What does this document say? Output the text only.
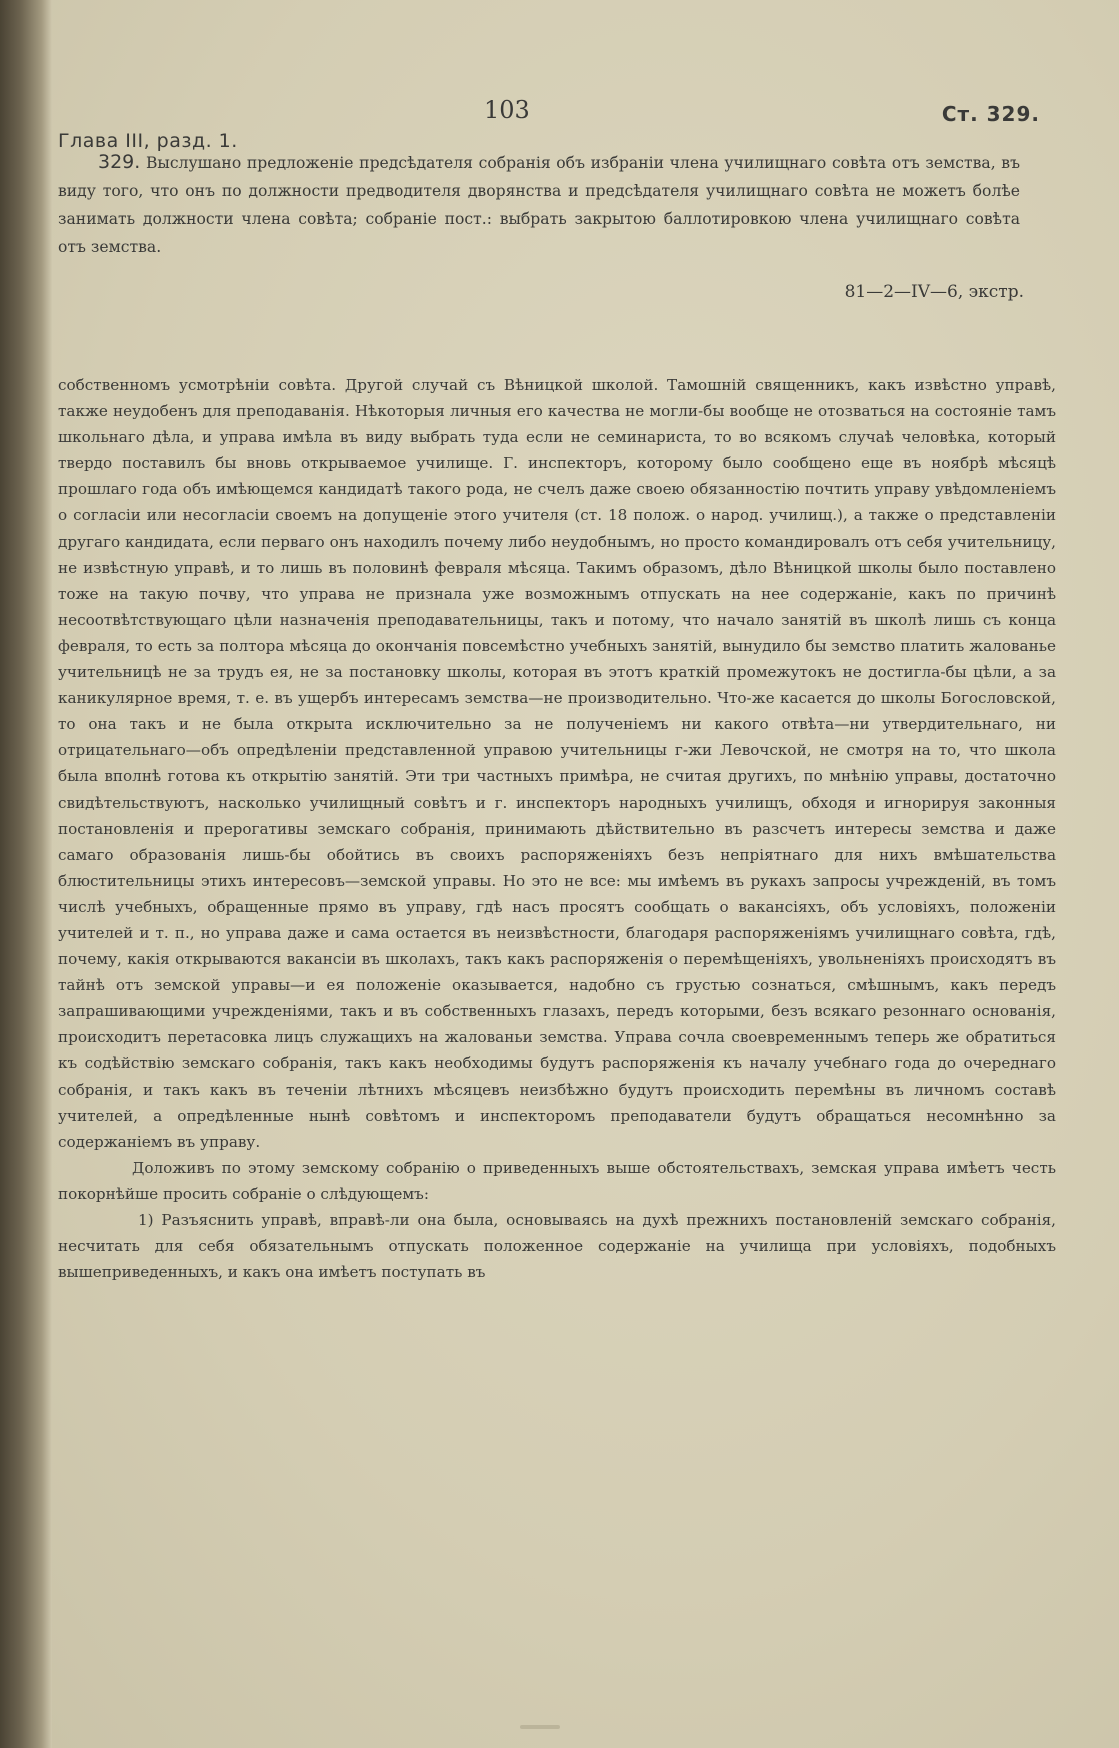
Глава III, разд. 1.
103	Ст. 329.
329. Выслушано предложеніе предсѣдателя собранія объ избраніи члена училищнаго совѣта отъ земства, въ виду того, что онъ по должности предводителя дворянства и предсѣдателя училищнаго совѣта не можетъ болѣе занимать должности члена совѣта; собраніе пост.: выбрать закрытою баллотировкою члена училищнаго совѣта отъ земства.
81—2—IV—6, экстр.

собственномъ усмотрѣніи совѣта. Другой случай съ Вѣницкой школой. Тамошній священникъ, какъ извѣстно управѣ, также неудобенъ для преподаванія. Нѣкоторыя личныя его качества не могли-бы вообще не отозваться на состояніе тамъ школьнаго дѣла, и управа имѣла въ виду выбрать туда если не семинариста, то во всякомъ случаѣ человѣка, который твердо поставилъ бы вновь открываемое училище. Г. инспекторъ, которому было сообщено еще въ ноябрѣ мѣсяцѣ прошлаго года объ имѣющемся кандидатѣ такого рода, не счелъ даже своею обязанностію почтить управу увѣдомленіемъ о согласіи или несогласіи своемъ на допущеніе этого учителя (ст. 18 полож. о народ. училищ.), а также о представленіи другаго кандидата, если перваго онъ находилъ почему либо неудобнымъ, но просто командировалъ отъ себя учительницу, не извѣстную управѣ, и то лишь въ половинѣ февраля мѣсяца. Такимъ образомъ, дѣло Вѣницкой школы было поставлено тоже на такую почву, что управа не признала уже возможнымъ отпускать на нее содержаніе, какъ по причинѣ несоотвѣтствующаго цѣли назначенія преподавательницы, такъ и потому, что начало занятій въ школѣ лишь съ конца февраля, то есть за полтора мѣсяца до окончанія повсемѣстно учебныхъ занятій, вынудило бы земство платить жалованье учительницѣ не за трудъ ея, не за постановку школы, которая въ этотъ краткій промежутокъ не достигла-бы цѣли, а за каникулярное время, т. е. въ ущербъ интересамъ земства—не производительно. Что-же касается до школы Богословской, то она такъ и не была открыта исключительно за не полученіемъ ни какого отвѣта—ни утвердительнаго, ни отрицательнаго—объ опредѣленіи представленной управою учительницы г-жи Левочской, не смотря на то, что школа была вполнѣ готова къ открытію занятій. Эти три частныхъ примѣра, не считая другихъ, по мнѣнію управы, достаточно свидѣтельствуютъ, насколько училищный совѣтъ и г. инспекторъ народныхъ училищъ, обходя и игнорируя законныя постановленія и прерогативы земскаго собранія, принимають дѣйствительно въ разсчетъ интересы земства и даже самаго образованія лишь-бы обойтись въ своихъ распоряженіяхъ безъ непріятнаго для нихъ вмѣшательства блюстительницы этихъ интересовъ—земской управы. Но это не все: мы имѣемъ въ рукахъ запросы учрежденій, въ томъ числѣ учебныхъ, обращенные прямо въ управу, гдѣ насъ просятъ сообщать о вакансіяхъ, объ условіяхъ, положеніи учителей и т. п., но управа даже и сама остается въ неизвѣстности, благодаря распоряженіямъ училищнаго совѣта, гдѣ, почему, какія открываются вакансіи въ школахъ, такъ какъ распоряженія о перемѣщеніяхъ, увольненіяхъ происходятъ въ тайнѣ отъ земской управы—и ея положеніе оказывается, надобно съ грустью сознаться, смѣшнымъ, какъ передъ запрашивающими учрежденіями, такъ и въ собственныхъ глазахъ, передъ которыми, безъ всякаго резоннаго основанія, происходитъ перетасовка лицъ служащихъ на жалованьи земства. Управа сочла своевременнымъ теперь же обратиться къ содѣйствію земскаго собранія, такъ какъ необходимы будутъ распоряженія къ началу учебнаго года до очереднаго собранія, и такъ какъ въ теченіи лѣтнихъ мѣсяцевъ неизбѣжно будутъ происходить перемѣны въ личномъ составѣ учителей, а опредѣленные нынѣ совѣтомъ и инспекторомъ преподаватели будутъ обращаться несомнѣнно за содержаніемъ въ управу.

Доложивъ по этому земскому собранію о приведенныхъ выше обстоятельствахъ, земская управа имѣетъ честь покорнѣйше просить собраніе о слѣдующемъ:

1) Разъяснить управѣ, вправѣ-ли она была, основываясь на духѣ прежнихъ постановленій земскаго собранія, несчитать для себя обязательнымъ отпускать положенное содержаніе на училища при условіяхъ, подобныхъ вышеприведенныхъ, и какъ она имѣетъ поступать въ
